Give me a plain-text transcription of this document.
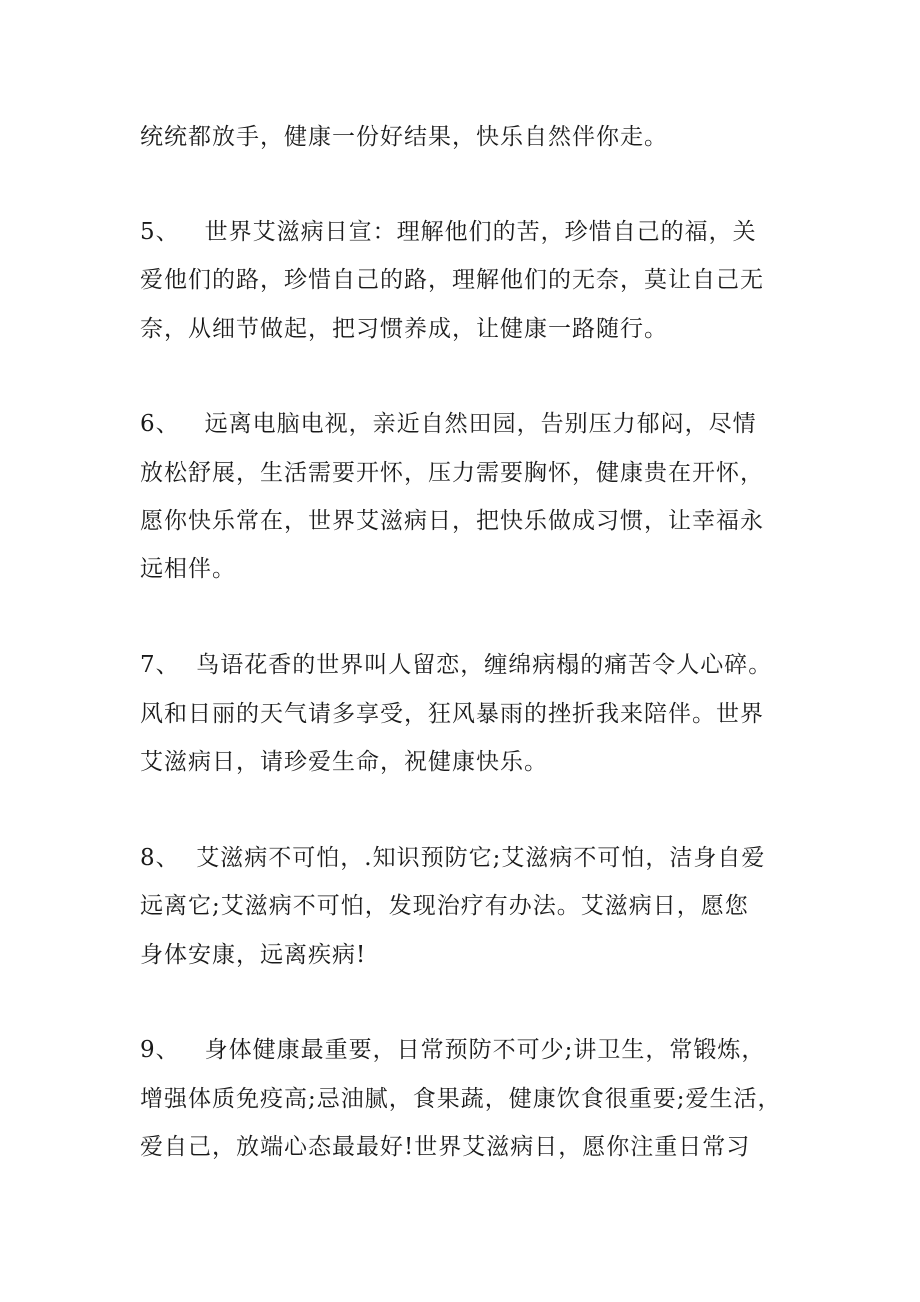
统统都放手，健康一份好结果，快乐自然伴你走。
5、   世界艾滋病日宣：理解他们的苦，珍惜自己的福，关
爱他们的路，珍惜自己的路，理解他们的无奈，莫让自己无
奈，从细节做起，把习惯养成，让健康一路随行。
6、   远离电脑电视，亲近自然田园，告别压力郁闷，尽情
放松舒展，生活需要开怀，压力需要胸怀，健康贵在开怀，
愿你快乐常在，世界艾滋病日，把快乐做成习惯，让幸福永
远相伴。
7、  鸟语花香的世界叫人留恋，缠绵病榻的痛苦令人心碎。
风和日丽的天气请多享受，狂风暴雨的挫折我来陪伴。世界
艾滋病日，请珍爱生命，祝健康快乐。
8、  艾滋病不可怕，.知识预防它;艾滋病不可怕，洁身自爱
远离它;艾滋病不可怕，发现治疗有办法。艾滋病日，愿您
身体安康，远离疾病!
9、   身体健康最重要，日常预防不可少;讲卫生，常锻炼，
增强体质免疫高;忌油腻，食果蔬，健康饮食很重要;爱生活，
爱自己，放端心态最最好!世界艾滋病日，愿你注重日常习
